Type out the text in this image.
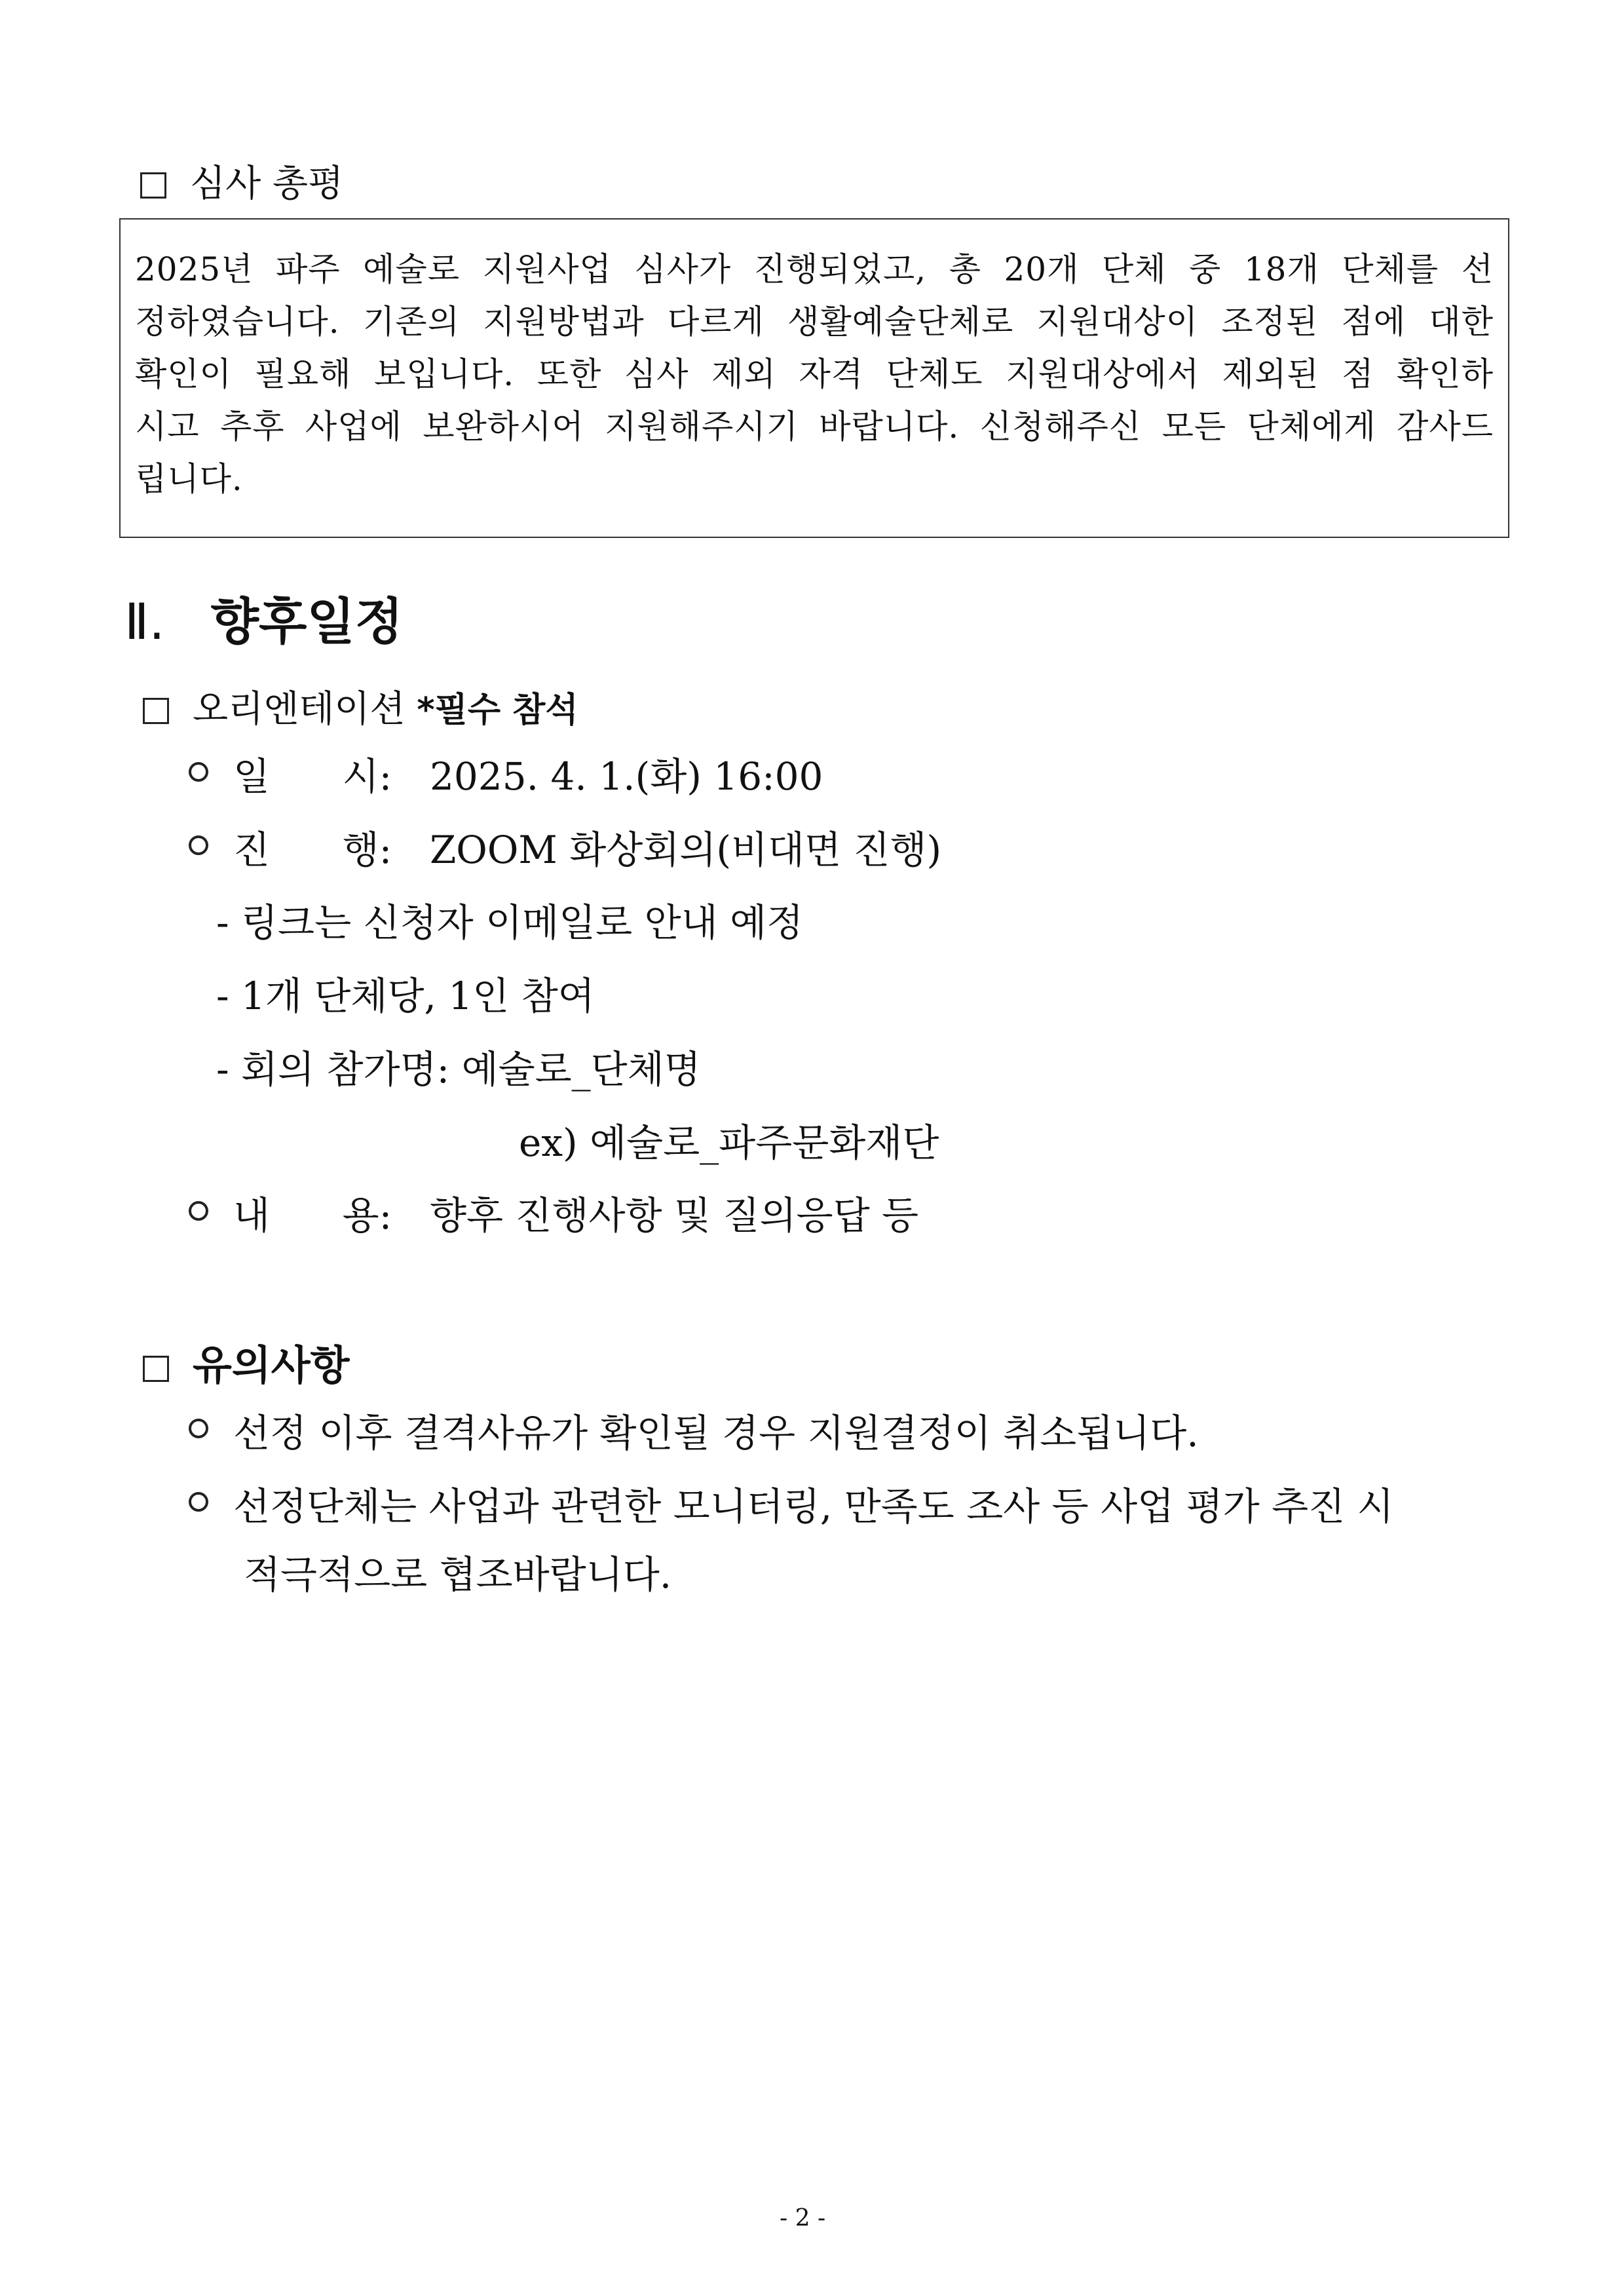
심사 총평
2025년 파주 예술로 지원사업 심사가 진행되었고, 총 20개 단체 중 18개 단체를 선정하였습니다. 기존의 지원방법과 다르게 생활예술단체로 지원대상이 조정된 점에 대한 확인이 필요해 보입니다. 또한 심사 제외 자격 단체도 지원대상에서 제외된 점 확인하시고 추후 사업에 보완하시어 지원해주시기 바랍니다. 신청해주신 모든 단체에게 감사드립니다.
Ⅱ. 향후일정
오리엔테이션 *필수 참석
일      시: 2025. 4. 1.(화) 16:00
진      행: ZOOM 화상회의(비대면 진행)
- 링크는 신청자 이메일로 안내 예정
- 1개 단체당, 1인 참여
- 회의 참가명: 예술로_단체명
ex) 예술로_파주문화재단
내      용: 향후 진행사항 및 질의응답 등
유의사항
선정 이후 결격사유가 확인될 경우 지원결정이 취소됩니다.
선정단체는 사업과 관련한 모니터링, 만족도 조사 등 사업 평가 추진 시
적극적으로 협조바랍니다.
- 2 -
